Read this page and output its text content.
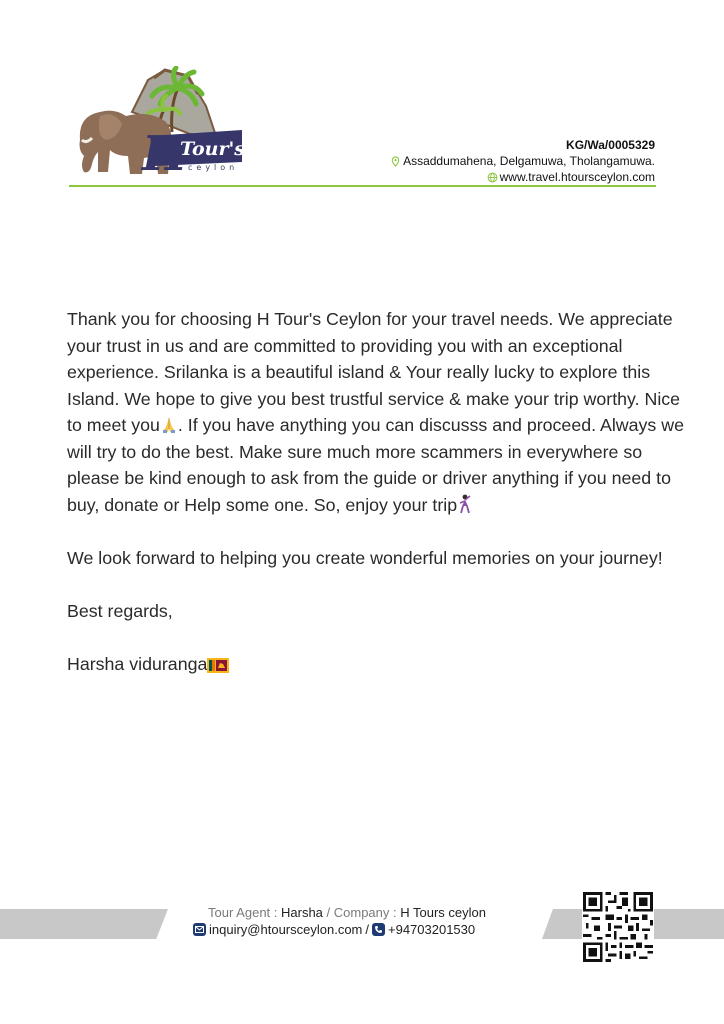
H
Tour's
ceylon
KG/Wa/0005329
Assaddumahena, Delgamuwa, Tholangamuwa.
www.travel.htoursceylon.com

Thank you for choosing H Tour's Ceylon for your travel needs. We appreciate your trust in us and are committed to providing you with an exceptional experience. Srilanka is a beautiful island & Your really lucky to explore this Island. We hope to give you best trustful service & make your trip worthy. Nice to meet you . If you have anything you can discusss and proceed. Always we will try to do the best. Make sure much more scammers in everywhere so please be kind enough to ask from the guide or driver anything if you need to buy, donate or Help some one. So, enjoy your trip

We look forward to helping you create wonderful memories on your journey!

Best regards,

Harsha viduranga

Tour Agent : Harsha / Company : H Tours ceylon
inquiry@htoursceylon.com / +94703201530
